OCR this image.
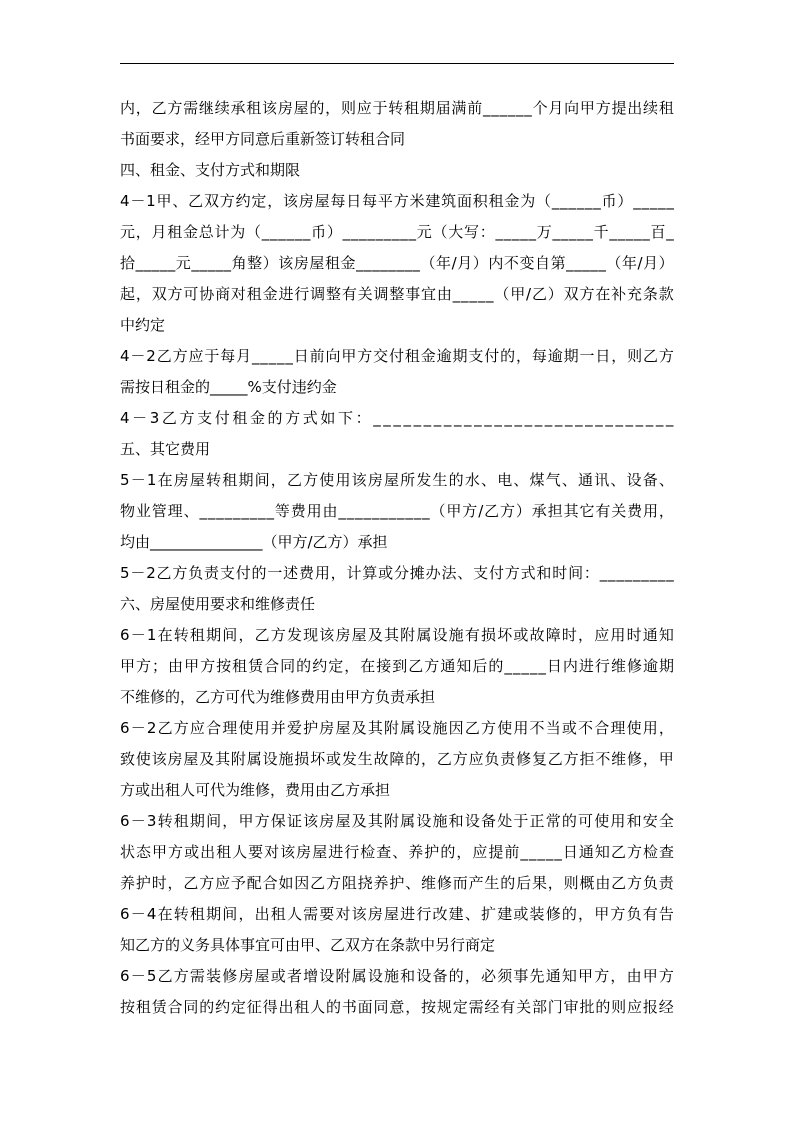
内 ， 乙 方 需 继 续 承 租 该 房 屋 的 ， 则 应 于 转 租 期 届 满 前 _ _ _ _ _ _ 个 月 向 甲 方 提 出 续 租
书面要求，经甲方同意后重新签订转租合同
四、租金、支付方式和期限
4 － 1 甲 、 乙 双 方 约 定 ， 该 房 屋 每 日 每 平 方 米 建 筑 面 积 租 金 为 （ _ _ _ _ _ _ 币 ） _ _ _ _ _
元 ， 月 租 金 总 计 为 （ _ _ _ _ _ _ 币 ） _ _ _ _ _ _ _ _ _ 元 （ 大 写 ： _ _ _ _ _ 万 _ _ _ _ _ 千 _ _ _ _ _ 百 _
拾 _ _ _ _ _ 元 _ _ _ _ _ 角 整 ） 该 房 屋 租 金 _ _ _ _ _ _ _ _ （ 年 / 月 ） 内 不 变 自 第 _ _ _ _ _ （ 年 / 月 ）
起 ， 双 方 可 协 商 对 租 金 进 行 调 整 有 关 调 整 事 宜 由 _ _ _ _ _ （ 甲 / 乙 ） 双 方 在 补 充 条 款
中约定
4 － 2 乙 方 应 于 每 月 _ _ _ _ _ 日 前 向 甲 方 交 付 租 金 逾 期 支 付 的 ， 每 逾 期 一 日 ， 则 乙 方
需按日租金的_____%支付违约金
4 － 3 乙 方 支 付 租 金 的 方 式 如 下 ： _ _ _ _ _ _ _ _ _ _ _ _ _ _ _ _ _ _ _ _ _ _ _ _ _ _ _ _ _ _
五、其它费用
5 － 1 在 房 屋 转 租 期 间 ， 乙 方 使 用 该 房 屋 所 发 生 的 水 、 电 、 煤 气 、 通 讯 、 设 备 、
物 业 管 理 、 _ _ _ _ _ _ _ _ _ 等 费 用 由 _ _ _ _ _ _ _ _ _ _ _ （ 甲 方 / 乙 方 ） 承 担 其 它 有 关 费 用 ，
均由_______________（甲方/乙方）承担
5 － 2 乙 方 负 责 支 付 的 一 述 费 用 ， 计 算 或 分 摊 办 法 、 支 付 方 式 和 时 间 ： _ _ _ _ _ _ _ _ _
六、房屋使用要求和维修责任
6 － 1 在 转 租 期 间 ， 乙 方 发 现 该 房 屋 及 其 附 属 设 施 有 损 坏 或 故 障 时 ， 应 用 时 通 知
甲 方 ； 由 甲 方 按 租 赁 合 同 的 约 定 ， 在 接 到 乙 方 通 知 后 的 _ _ _ _ _ 日 内 进 行 维 修 逾 期
不维修的，乙方可代为维修费用由甲方负责承担
6 － 2 乙 方 应 合 理 使 用 并 爱 护 房 屋 及 其 附 属 设 施 因 乙 方 使 用 不 当 或 不 合 理 使 用 ，
致 使 该 房 屋 及 其 附 属 设 施 损 坏 或 发 生 故 障 的 ， 乙 方 应 负 责 修 复 乙 方 拒 不 维 修 ， 甲
方或出租人可代为维修，费用由乙方承担
6 － 3 转 租 期 间 ， 甲 方 保 证 该 房 屋 及 其 附 属 设 施 和 设 备 处 于 正 常 的 可 使 用 和 安 全
状 态 甲 方 或 出 租 人 要 对 该 房 屋 进 行 检 查 、 养 护 的 ， 应 提 前 _ _ _ _ _ 日 通 知 乙 方 检 查
养 护 时 ， 乙 方 应 予 配 合 如 因 乙 方 阻 挠 养 护 、 维 修 而 产 生 的 后 果 ， 则 概 由 乙 方 负 责
6 － 4 在 转 租 期 间 ， 出 租 人 需 要 对 该 房 屋 进 行 改 建 、 扩 建 或 装 修 的 ， 甲 方 负 有 告
知乙方的义务具体事宜可由甲、乙双方在条款中另行商定
6 － 5 乙 方 需 装 修 房 屋 或 者 增 设 附 属 设 施 和 设 备 的 ， 必 须 事 先 通 知 甲 方 ， 由 甲 方
按 租 赁 合 同 的 约 定 征 得 出 租 人 的 书 面 同 意 ， 按 规 定 需 经 有 关 部 门 审 批 的 则 应 报 经
